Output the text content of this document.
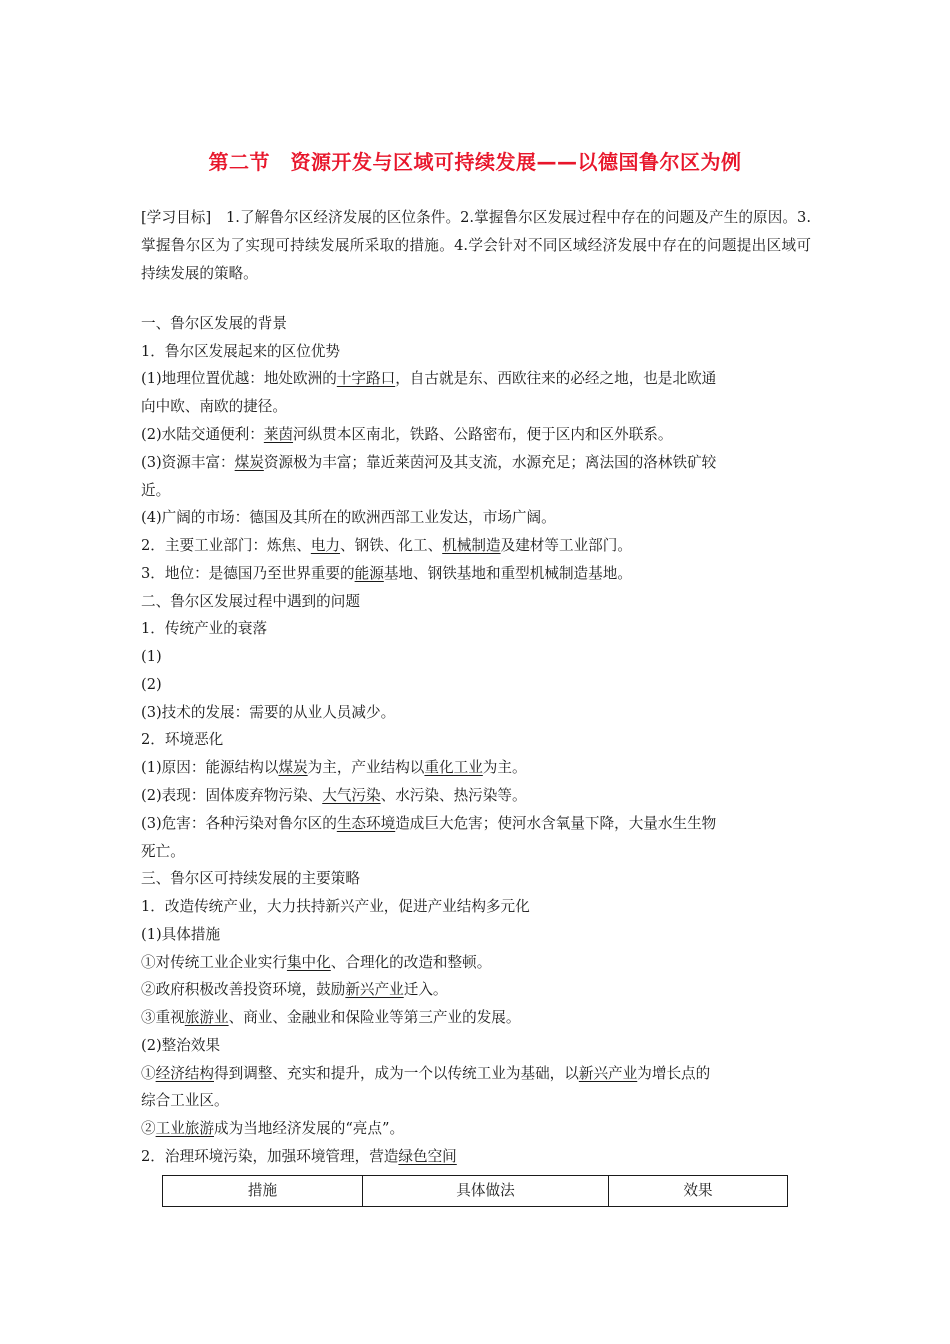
第二节　资源开发与区域可持续发展——以德国鲁尔区为例
[学习目标]　 1.了解鲁尔区经济发展的区位条件。2.掌握鲁尔区发展过程中存在的问题及产生的原因。3.掌握鲁尔区为了实现可持续发展所采取的措施。4.学会针对不同区域经济发展中存在的问题提出区域可持续发展的策略。
一、鲁尔区发展的背景
1．鲁尔区发展起来的区位优势
(1)地理位置优越：地处欧洲的十字路口，自古就是东、西欧往来的必经之地，也是北欧通
向中欧、南欧的捷径。
(2)水陆交通便利：莱茵河纵贯本区南北，铁路、公路密布，便于区内和区外联系。
(3)资源丰富：煤炭资源极为丰富；靠近莱茵河及其支流，水源充足；离法国的洛林铁矿较
近。
(4)广阔的市场：德国及其所在的欧洲西部工业发达，市场广阔。
2．主要工业部门：炼焦、电力、钢铁、化工、机械制造及建材等工业部门。
3．地位：是德国乃至世界重要的能源基地、钢铁基地和重型机械制造基地。
二、鲁尔区发展过程中遇到的问题
1．传统产业的衰落
(1)
(2)
(3)技术的发展：需要的从业人员减少。
2．环境恶化
(1)原因：能源结构以煤炭为主，产业结构以重化工业为主。
(2)表现：固体废弃物污染、大气污染、水污染、热污染等。
(3)危害：各种污染对鲁尔区的生态环境造成巨大危害；使河水含氧量下降，大量水生生物
死亡。
三、鲁尔区可持续发展的主要策略
1．改造传统产业，大力扶持新兴产业，促进产业结构多元化
(1)具体措施
①对传统工业企业实行集中化、合理化的改造和整顿。
②政府积极改善投资环境，鼓励新兴产业迁入。
③重视旅游业、商业、金融业和保险业等第三产业的发展。
(2)整治效果
①经济结构得到调整、充实和提升，成为一个以传统工业为基础，以新兴产业为增长点的
综合工业区。
②工业旅游成为当地经济发展的“亮点”。
2．治理环境污染，加强环境管理，营造绿色空间
措施	具体做法	效果
